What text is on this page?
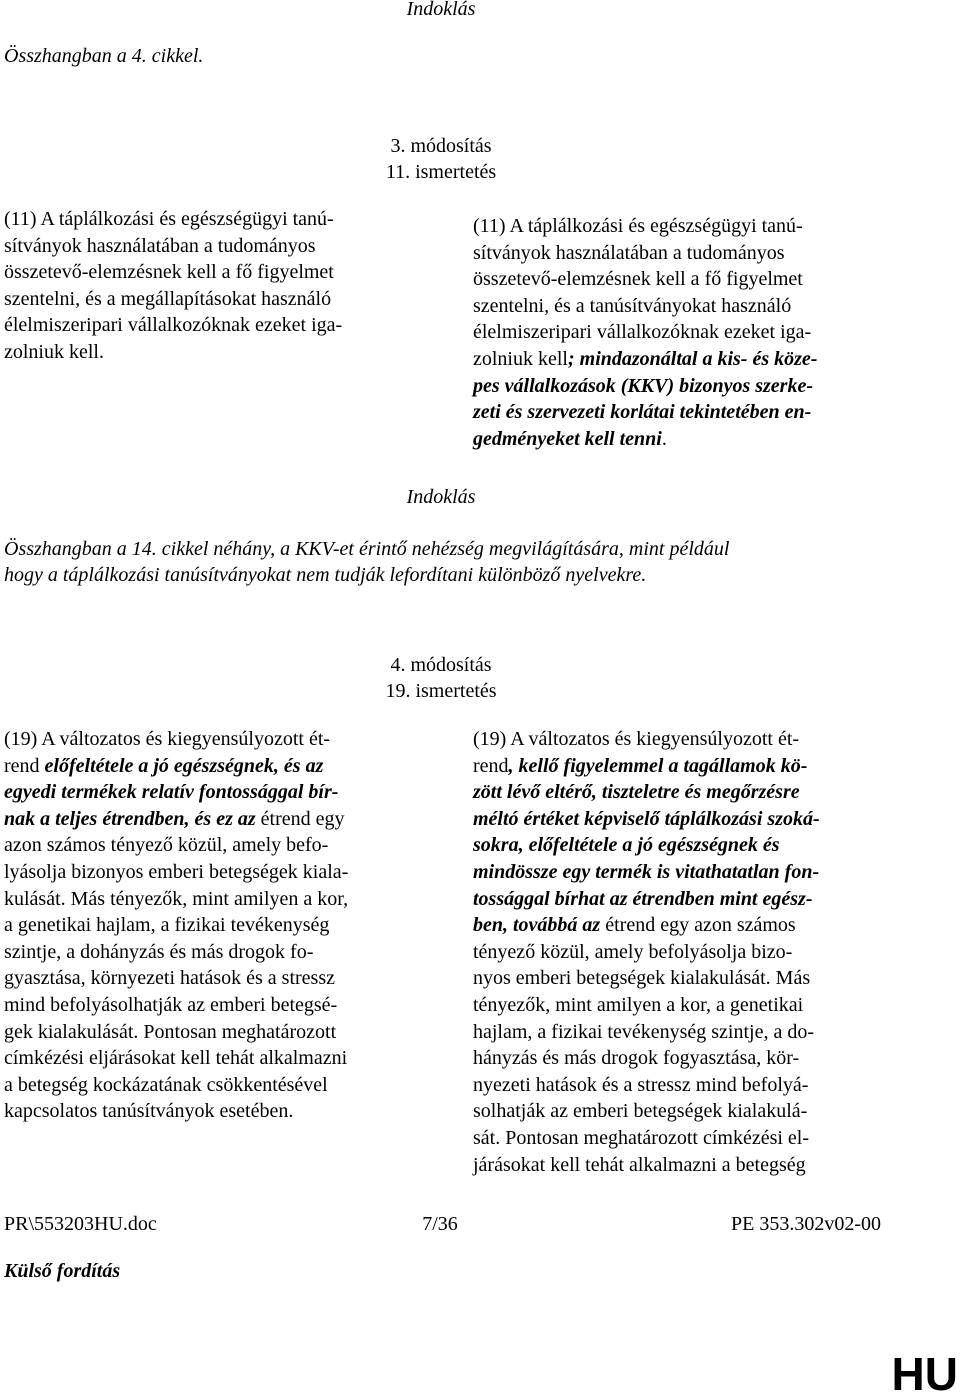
Indoklás
Összhangban a 4. cikkel.
3. módosítás
11. ismertetés
(11) A táplálkozási és egészségügyi tanú-
sítványok használatában a tudományos
összetevő-elemzésnek kell a fő figyelmet
szentelni, és a megállapításokat használó
élelmiszeripari vállalkozóknak ezeket iga-
zolniuk kell.
(11) A táplálkozási és egészségügyi tanú-
sítványok használatában a tudományos
összetevő-elemzésnek kell a fő figyelmet
szentelni, és a tanúsítványokat használó
élelmiszeripari vállalkozóknak ezeket iga-
zolniuk kell; mindazonáltal a kis- és köze-
pes vállalkozások (KKV) bizonyos szerke-
zeti és szervezeti korlátai tekintetében en-
gedményeket kell tenni.
Indoklás
Összhangban a 14. cikkel néhány, a KKV-et érintő nehézség megvilágítására, mint például
hogy a táplálkozási tanúsítványokat nem tudják lefordítani különböző nyelvekre.
4. módosítás
19. ismertetés
(19) A változatos és kiegyensúlyozott ét-
rend előfeltétele a jó egészségnek, és az
egyedi termékek relatív fontossággal bír-
nak a teljes étrendben, és ez az étrend egy
azon számos tényező közül, amely befo-
lyásolja bizonyos emberi betegségek kiala-
kulását. Más tényezők, mint amilyen a kor,
a genetikai hajlam, a fizikai tevékenység
szintje, a dohányzás és más drogok fo-
gyasztása, környezeti hatások és a stressz
mind befolyásolhatják az emberi betegsé-
gek kialakulását. Pontosan meghatározott
címkézési eljárásokat kell tehát alkalmazni
a betegség kockázatának csökkentésével
kapcsolatos tanúsítványok esetében.
(19) A változatos és kiegyensúlyozott ét-
rend, kellő figyelemmel a tagállamok kö-
zött lévő eltérő, tiszteletre és megőrzésre
méltó értéket képviselő táplálkozási szoká-
sokra, előfeltétele a jó egészségnek és
mindössze egy termék is vitathatatlan fon-
tossággal bírhat az étrendben mint egész-
ben, továbbá az étrend egy azon számos
tényező közül, amely befolyásolja bizo-
nyos emberi betegségek kialakulását. Más
tényezők, mint amilyen a kor, a genetikai
hajlam, a fizikai tevékenység szintje, a do-
hányzás és más drogok fogyasztása, kör-
nyezeti hatások és a stressz mind befolyá-
solhatják az emberi betegségek kialakulá-
sát. Pontosan meghatározott címkézési el-
járásokat kell tehát alkalmazni a betegség
PR\553203HU.doc	7/36	PE 353.302v02-00
Külső fordítás
HU
